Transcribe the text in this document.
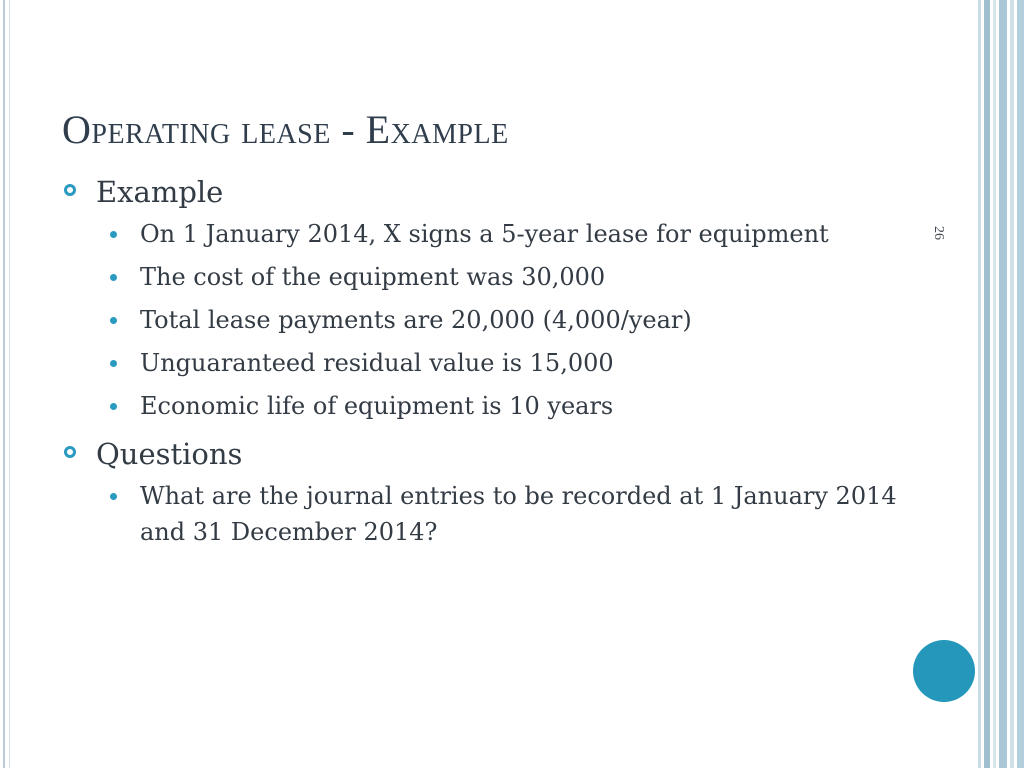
26
Operating lease - Example
Example
On 1 January 2014, X signs a 5-year lease for equipment
The cost of the equipment was 30,000
Total lease payments are 20,000 (4,000/year)
Unguaranteed residual value is 15,000
Economic life of equipment is 10 years
Questions
What are the journal entries to be recorded at 1 January 2014 and 31 December 2014?
